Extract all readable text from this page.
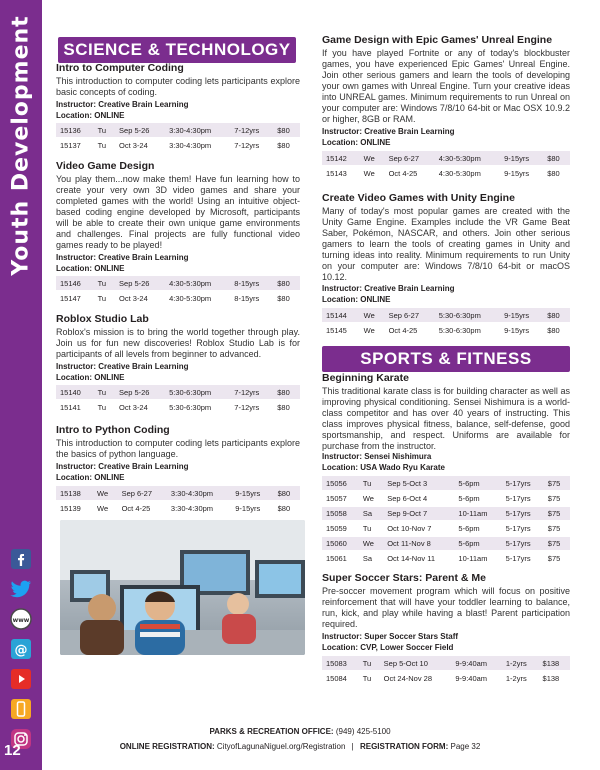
Youth Development
www
@
12
SCIENCE & TECHNOLOGY
Intro to Computer Coding
This introduction to computer coding lets participants explore basic concepts of coding.
Instructor: Creative Brain Learning
Location: ONLINE
15136	Tu	Sep 5-26	3:30-4:30pm	7-12yrs	$80
15137	Tu	Oct 3-24	3:30-4:30pm	7-12yrs	$80
Video Game Design
You play them...now make them! Have fun learning how to create your very own 3D video games and share your completed games with the world! Using an intuitive object-based coding engine developed by Microsoft, participants will be able to create their own unique game environments and challenges. Final projects are fully functional video games ready to be played!
Instructor: Creative Brain Learning
Location: ONLINE
15146	Tu	Sep 5-26	4:30-5:30pm	8-15yrs	$80
15147	Tu	Oct 3-24	4:30-5:30pm	8-15yrs	$80
Roblox Studio Lab
Roblox's mission is to bring the world together through play. Join us for fun new discoveries! Roblox Studio Lab is for participants of all levels from beginner to advanced.
Instructor: Creative Brain Learning
Location: ONLINE
15140	Tu	Sep 5-26	5:30-6:30pm	7-12yrs	$80
15141	Tu	Oct 3-24	5:30-6:30pm	7-12yrs	$80
Intro to Python Coding
This introduction to computer coding lets participants explore the basics of python language.
Instructor: Creative Brain Learning
Location: ONLINE
15138	We	Sep 6-27	3:30-4:30pm	9-15yrs	$80
15139	We	Oct 4-25	3:30-4:30pm	9-15yrs	$80
Game Design with Epic Games' Unreal Engine
If you have played Fortnite or any of today's blockbuster games, you have experienced Epic Games' Unreal Engine. Join other serious gamers and learn the tools of developing your own games with Unreal Engine. Turn your creative ideas into UNREAL games. Minimum requirements to run Unreal on your computer are: Windows 7/8/10 64-bit or Mac OSX 10.9.2 or higher, 8GB or RAM.
Instructor: Creative Brain Learning
Location: ONLINE
15142	We	Sep 6-27	4:30-5:30pm	9-15yrs	$80
15143	We	Oct 4-25	4:30-5:30pm	9-15yrs	$80
Create Video Games with Unity Engine
Many of today's most popular games are created with the Unity Game Engine. Examples include the VR Game Beat Saber, Pokémon, NASCAR, and others. Join other serious gamers to learn the tools of creating games in Unity and turning ideas into reality. Minimum requirements to run Unity on your computer are: Windows 7/8/10 64-bit or macOS 10.12.
Instructor: Creative Brain Learning
Location: ONLINE
15144	We	Sep 6-27	5:30-6:30pm	9-15yrs	$80
15145	We	Oct 4-25	5:30-6:30pm	9-15yrs	$80
SPORTS & FITNESS
Beginning Karate
This traditional karate class is for building character as well as improving physical conditioning. Sensei Nishimura is a world-class competitor and has over 40 years of instructing. This class improves physical fitness, balance, self-defense, good sportsmanship, and respect. Uniforms are available for purchase from the instructor.
Instructor: Sensei Nishimura
Location: USA Wado Ryu Karate
15056	Tu	Sep 5-Oct 3	5-6pm	5-17yrs	$75
15057	We	Sep 6-Oct 4	5-6pm	5-17yrs	$75
15058	Sa	Sep 9-Oct 7	10-11am	5-17yrs	$75
15059	Tu	Oct 10-Nov 7	5-6pm	5-17yrs	$75
15060	We	Oct 11-Nov 8	5-6pm	5-17yrs	$75
15061	Sa	Oct 14-Nov 11	10-11am	5-17yrs	$75
Super Soccer Stars: Parent & Me
Pre-soccer movement program which will focus on positive reinforcement that will have your toddler learning to balance, run, kick, and play while having a blast! Parent participation required.
Instructor: Super Soccer Stars Staff
Location: CVP, Lower Soccer Field
15083	Tu	Sep 5-Oct 10	9-9:40am	1-2yrs	$138
15084	Tu	Oct 24-Nov 28	9-9:40am	1-2yrs	$138
PARKS & RECREATION OFFICE: (949) 425-5100
ONLINE REGISTRATION: CityofLagunaNiguel.org/Registration | REGISTRATION FORM: Page 32
